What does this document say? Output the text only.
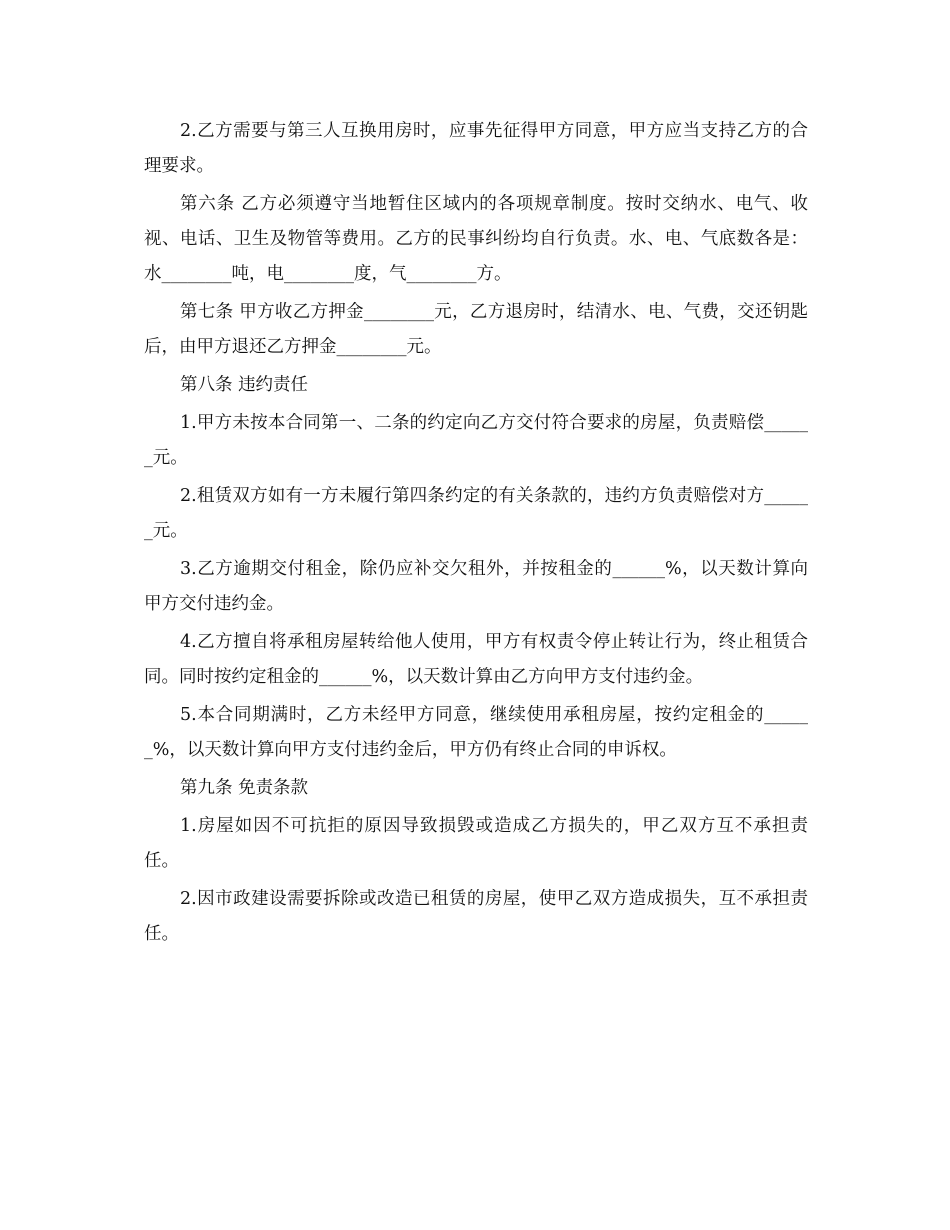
2.乙方需要与第三人互换用房时，应事先征得甲方同意，甲方应当支持乙方的合理要求。

第六条 乙方必须遵守当地暂住区域内的各项规章制度。按时交纳水、电气、收视、电话、卫生及物管等费用。乙方的民事纠纷均自行负责。水、电、气底数各是：水________吨，电________度，气________方。

第七条 甲方收乙方押金________元，乙方退房时，结清水、电、气费，交还钥匙后，由甲方退还乙方押金________元。

第八条 违约责任

1.甲方未按本合同第一、二条的约定向乙方交付符合要求的房屋，负责赔偿______元。

2.租赁双方如有一方未履行第四条约定的有关条款的，违约方负责赔偿对方______元。

3.乙方逾期交付租金，除仍应补交欠租外，并按租金的______%，以天数计算向甲方交付违约金。

4.乙方擅自将承租房屋转给他人使用，甲方有权责令停止转让行为，终止租赁合同。同时按约定租金的______%，以天数计算由乙方向甲方支付违约金。

5.本合同期满时，乙方未经甲方同意，继续使用承租房屋，按约定租金的______%，以天数计算向甲方支付违约金后，甲方仍有终止合同的申诉权。

第九条 免责条款

1.房屋如因不可抗拒的原因导致损毁或造成乙方损失的，甲乙双方互不承担责任。

2.因市政建设需要拆除或改造已租赁的房屋，使甲乙双方造成损失，互不承担责任。
